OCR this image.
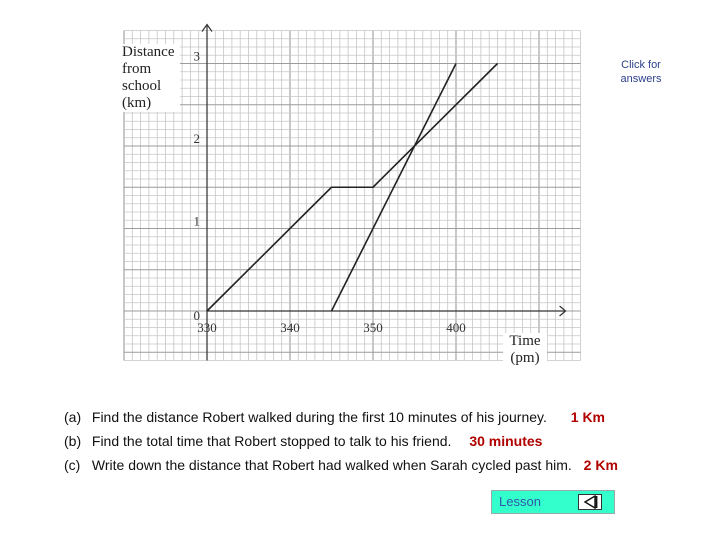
330	340	350	400
0
1
2
3
Distance
from
school
(km)
Time
(pm)
Click for
answers
(a) Find the distance Robert walked during the first 10 minutes of his journey. 1 Km
(b) Find the total time that Robert stopped to talk to his friend. 30 minutes
(c) Write down the distance that Robert had walked when Sarah cycled past him. 2 Km
Lesson
